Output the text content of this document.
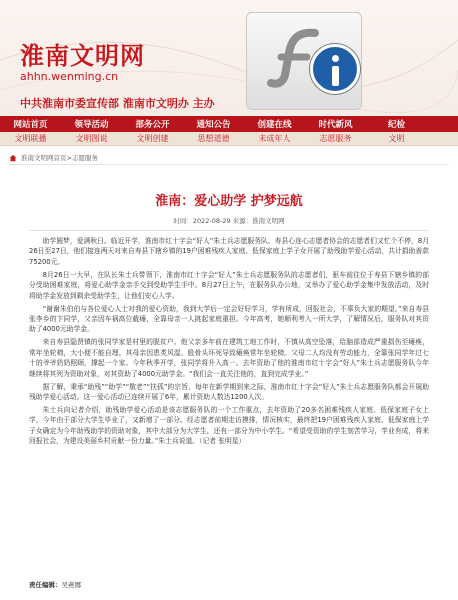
淮南文明网
ahhn.wenming.cn
中共淮南市委宣传部 淮南市文明办 主办
网站首页	领导活动	部务公开	通知公告	创建在线	时代新风	纪检
文明联播	文明图说	文明创建	思想道德	未成年人	志愿服务	文明
淮南文明网首页 > 志愿服务
淮南：爱心助学 护梦远航
时间：2022-08-29 来源：淮南文明网

助学圆梦，爱满秋日。临近开学，淮南市红十字会“好人”朱士兵志愿服务队、寿县心连心志愿者协会的志愿者们又忙个不停，8月26日至27日，他们接连两天对来自寿县下辖乡镇的19户困难残疾人家庭、低保家庭上学子女开展了助残助学爱心活动，共计捐助善款75200元。

8月26日一大早，在队长朱士兵带领下，淮南市红十字会“好人”朱士兵志愿服务队的志愿者们，驱车前往位于寿县下辖乡镇的部分受助困难家庭，将爱心助学金亲手交到受助学生手中。8月27日上午，在服务队办公地，又举办了爱心助学金集中发放活动，及时将助学金发放到剩余受助学生，让他们安心入学。

“谢谢朱伯伯与各位爱心人士对我的爱心资助，我到大学后一定会好好学习，学有所成，回报社会，不辜负大家的期望。”来自寿县张李乡的卞同学，父亲因车祸高位截瘫，全靠母亲一人挑起家庭重担。今年高考，她顺利考入一所大学，了解情况后，服务队对其资助了4000元助学金。

来自寿县隐贤镇的张同学家是村里的脱贫户。他父亲多年前在建筑工地工作时，不慎从高空坠落，给脑部造成严重损伤至瘫痪，常年坐轮椅，大小便不能自理。其母亲因患类风湿、股骨头坏死导致瘫痪常年坐轮椅。父母二人均没有劳动能力，全靠张同学年过七十的爷爷奶奶照顾，撑起一个家。今年秋季开学，张同学将升入高一。去年资助了他的淮南市红十字会“好人”朱士兵志愿服务队今年继续将其列为资助对象，对其资助了4000元助学金。“我们会一直关注他的，直到完成学业。”

据了解，秉承“助残”“助学”“敬老”“扶孤”的宗旨，每年在新学期到来之际，淮南市红十字会“好人”朱士兵志愿服务队都会开展助残助学爱心活动。这一爱心活动已连续开展了6年，累计资助人数达1200人次。

朱士兵向记者介绍，助残助学爱心活动是该志愿服务队的一个工作重点，去年资助了20多名困难残疾人家庭、低保家庭子女上学，今年由于部分大学生毕业了，又新增了一部分。经志愿者前期走访摸排，情况核实，最终把19户困难残疾人家庭、低保家庭上学子女确定为今年助残助学的资助对象，其中大部分为大学生，还有一部分为中小学生。“希望受资助的学生刻苦学习，学业有成，将来回报社会，为建设美丽乡村贡献一份力量。”朱士兵说道。（记者 张明星）

责任编辑：吴燕娜
